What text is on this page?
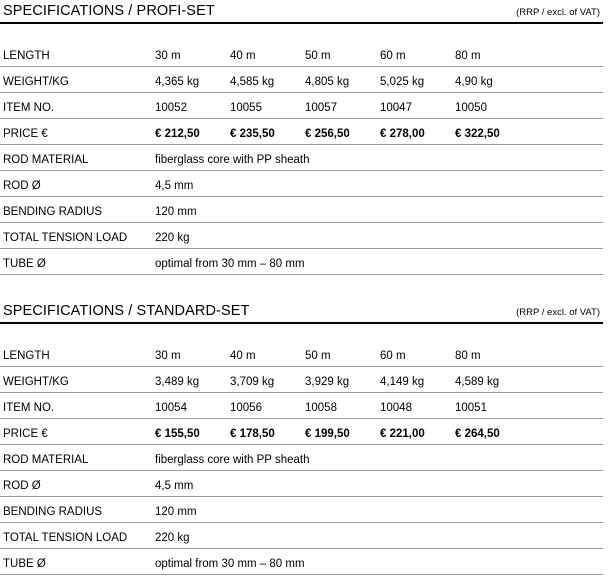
SPECIFICATIONS / PROFI-SET	(RRP / excl. of VAT)
LENGTH	30 m	40 m	50 m	60 m	80 m
WEIGHT/KG	4,365 kg	4,585 kg	4,805 kg	5,025 kg	4,90 kg
ITEM NO.	10052	10055	10057	10047	10050
PRICE €	€ 212,50	€ 235,50	€ 256,50	€ 278,00	€ 322,50
ROD MATERIAL	fiberglass core with PP sheath
ROD Ø	4,5 mm
BENDING RADIUS	120 mm
TOTAL TENSION LOAD 220 kg
TUBE Ø	optimal from 30 mm – 80 mm
SPECIFICATIONS / STANDARD-SET	(RRP / excl. of VAT)
LENGTH	30 m	40 m	50 m	60 m	80 m
WEIGHT/KG	3,489 kg	3,709 kg	3,929 kg	4,149 kg	4,589 kg
ITEM NO.	10054	10056	10058	10048	10051
PRICE €	€ 155,50	€ 178,50	€ 199,50	€ 221,00	€ 264,50
ROD MATERIAL	fiberglass core with PP sheath
ROD Ø	4,5 mm
BENDING RADIUS	120 mm
TOTAL TENSION LOAD 220 kg
TUBE Ø	optimal from 30 mm – 80 mm
